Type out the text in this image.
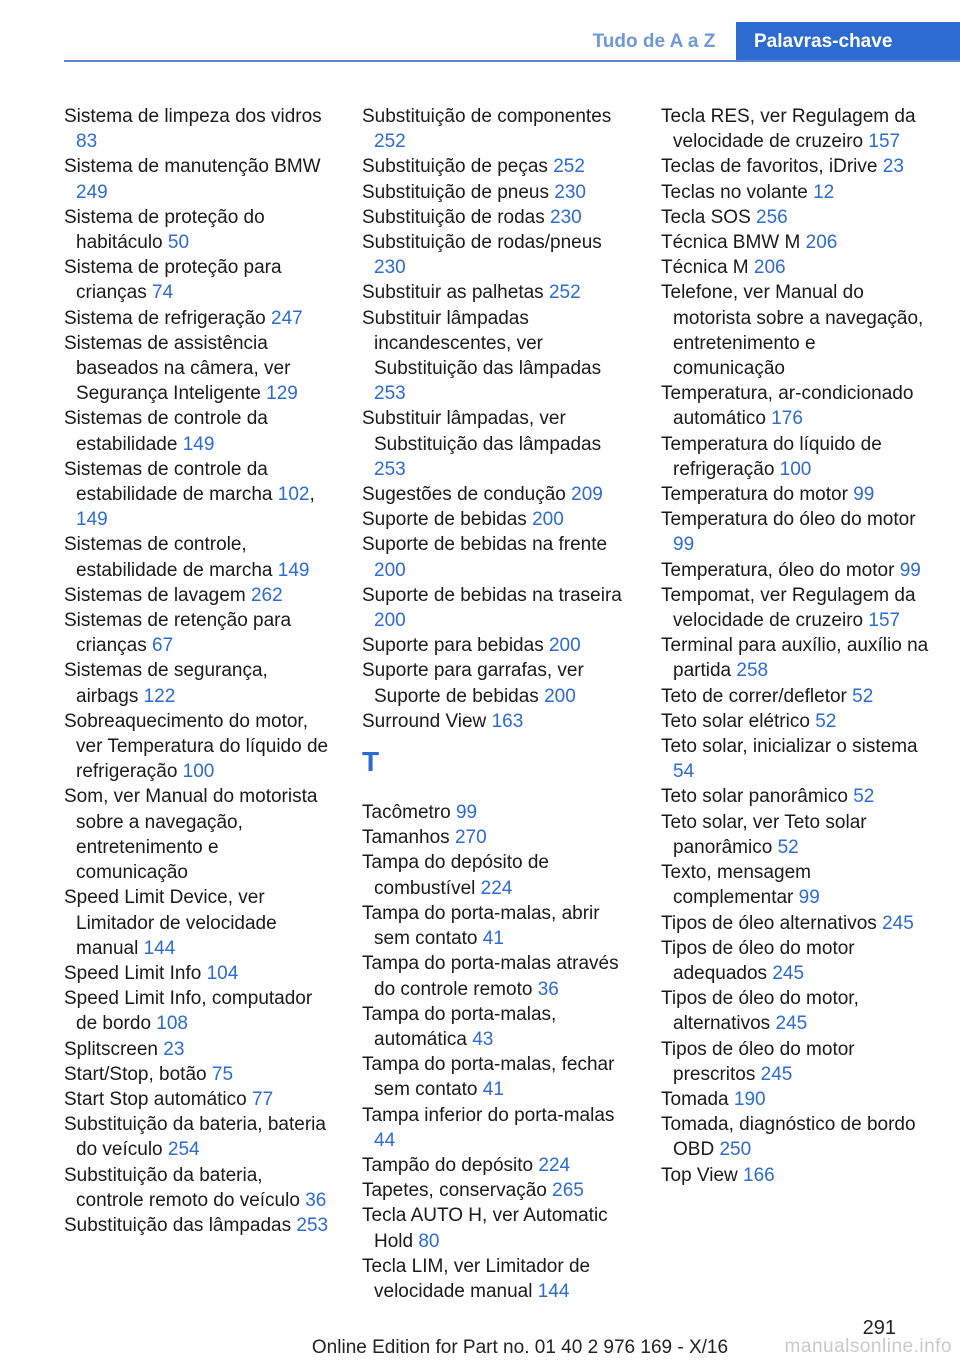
Tudo de A a Z	Palavras-chave

Sistema de limpeza dos vidros 83

Sistema de manutenção BMW 249

Sistema de proteção do habitáculo 50

Sistema de proteção para crianças 74

Sistema de refrigeração 247

Sistemas de assistência baseados na câmera, ver Segurança Inteligente 129

Sistemas de controle da estabilidade 149

Sistemas de controle da estabilidade de marcha 102, 149

Sistemas de controle, estabilidade de marcha 149

Sistemas de lavagem 262

Sistemas de retenção para crianças 67

Sistemas de segurança, airbags 122

Sobreaquecimento do motor, ver Temperatura do líquido de refrigeração 100

Som, ver Manual do motorista sobre a navegação, entretenimento e comunicação

Speed Limit Device, ver Limitador de velocidade manual 144

Speed Limit Info 104

Speed Limit Info, computador de bordo 108

Splitscreen 23

Start/Stop, botão 75

Start Stop automático 77

Substituição da bateria, bateria do veículo 254

Substituição da bateria, controle remoto do veículo 36

Substituição das lâmpadas 253

Substituição de componentes 252

Substituição de peças 252

Substituição de pneus 230

Substituição de rodas 230

Substituição de rodas/pneus 230

Substituir as palhetas 252

Substituir lâmpadas incandescentes, ver Substituição das lâmpadas 253

Substituir lâmpadas, ver Substituição das lâmpadas 253

Sugestões de condução 209

Suporte de bebidas 200

Suporte de bebidas na frente 200

Suporte de bebidas na traseira 200

Suporte para bebidas 200

Suporte para garrafas, ver Suporte de bebidas 200

Surround View 163

T

Tacômetro 99

Tamanhos 270

Tampa do depósito de combustível 224

Tampa do porta-malas, abrir sem contato 41

Tampa do porta-malas através do controle remoto 36

Tampa do porta-malas, automática 43

Tampa do porta-malas, fechar sem contato 41

Tampa inferior do porta-malas 44

Tampão do depósito 224

Tapetes, conservação 265

Tecla AUTO H, ver Automatic Hold 80

Tecla LIM, ver Limitador de velocidade manual 144

Tecla RES, ver Regulagem da velocidade de cruzeiro 157

Teclas de favoritos, iDrive 23

Teclas no volante 12

Tecla SOS 256

Técnica BMW M 206

Técnica M 206

Telefone, ver Manual do motorista sobre a navegação, entretenimento e comunicação

Temperatura, ar-condicionado automático 176

Temperatura do líquido de refrigeração 100

Temperatura do motor 99

Temperatura do óleo do motor 99

Temperatura, óleo do motor 99

Tempomat, ver Regulagem da velocidade de cruzeiro 157

Terminal para auxílio, auxílio na partida 258

Teto de correr/defletor 52

Teto solar elétrico 52

Teto solar, inicializar o sistema 54

Teto solar panorâmico 52

Teto solar, ver Teto solar panorâmico 52

Texto, mensagem complementar 99

Tipos de óleo alternativos 245

Tipos de óleo do motor adequados 245

Tipos de óleo do motor, alternativos 245

Tipos de óleo do motor prescritos 245

Tomada 190

Tomada, diagnóstico de bordo OBD 250

Top View 166

291
Online Edition for Part no. 01 40 2 976 169 - X/16	manualsonline.info
